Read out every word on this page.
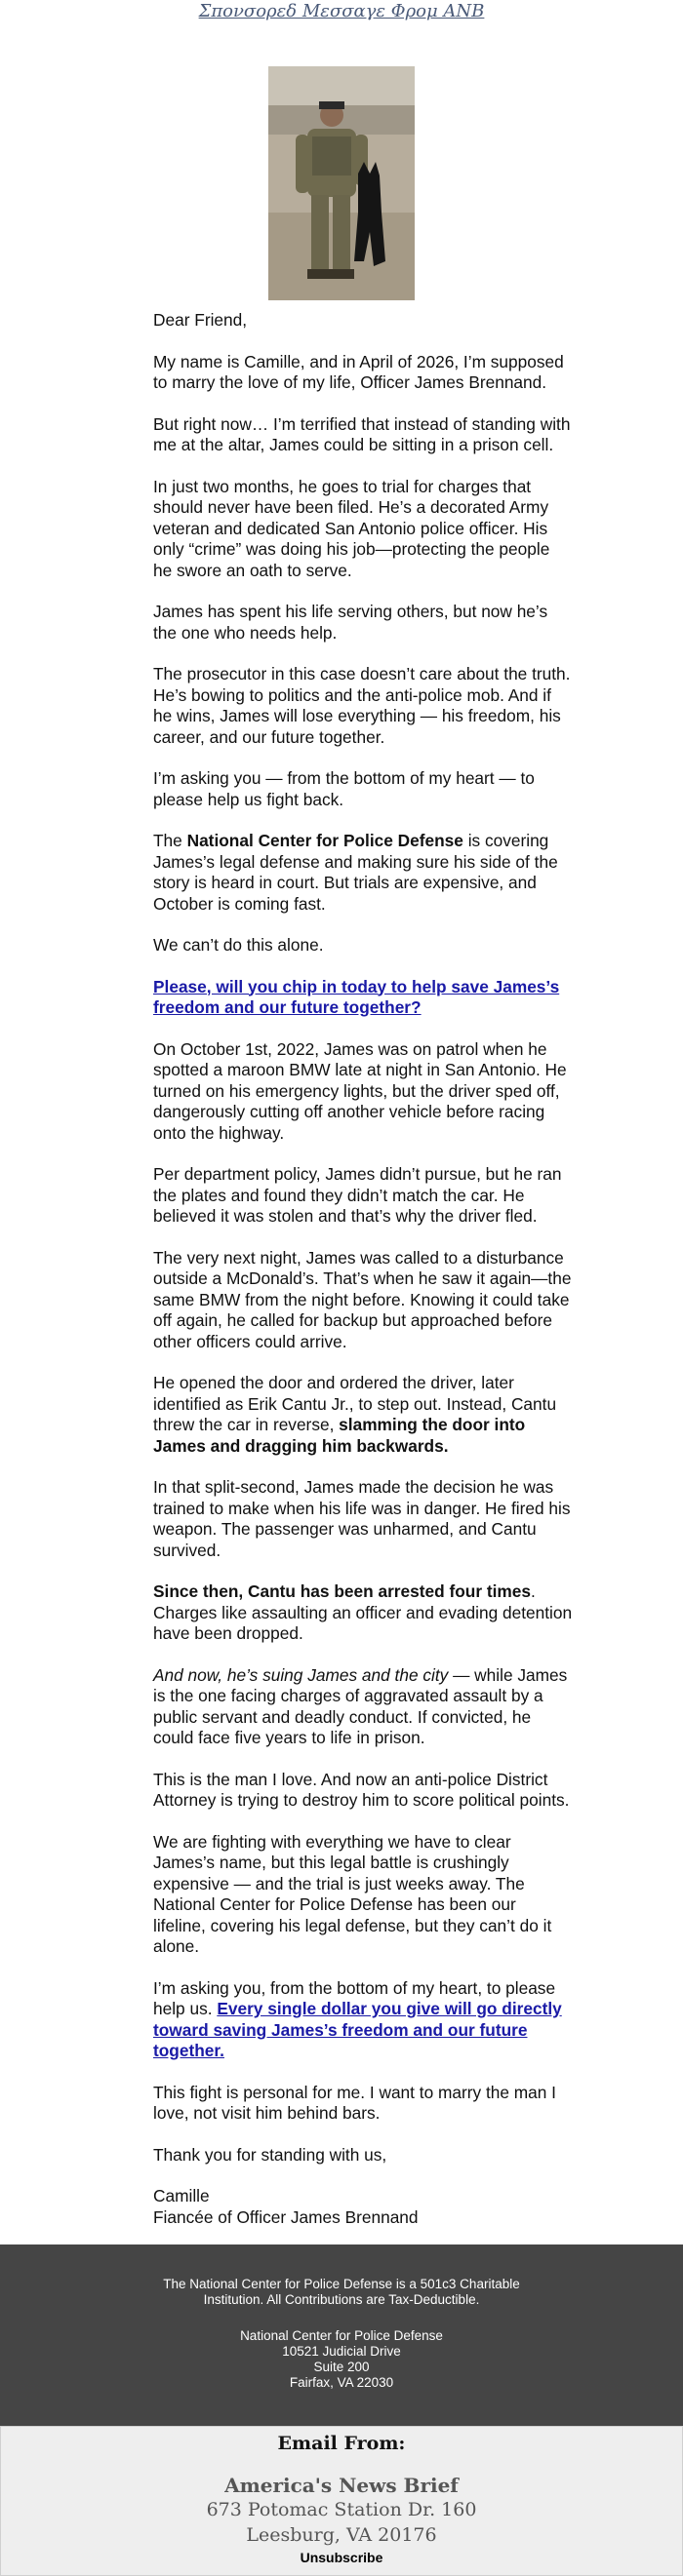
Σπονσορεδ Μεσσαγε Φρομ ΑΝΒ

Dear Friend,

My name is Camille, and in April of 2026, I’m supposed to marry the love of my life, Officer James Brennand.

But right now… I’m terrified that instead of standing with me at the altar, James could be sitting in a prison cell.

In just two months, he goes to trial for charges that should never have been filed. He’s a decorated Army veteran and dedicated San Antonio police officer. His only “crime” was doing his job—protecting the people he swore an oath to serve.

James has spent his life serving others, but now he’s the one who needs help.

The prosecutor in this case doesn’t care about the truth. He’s bowing to politics and the anti-police mob. And if he wins, James will lose everything — his freedom, his career, and our future together.

I’m asking you — from the bottom of my heart — to please help us fight back.

The National Center for Police Defense is covering James’s legal defense and making sure his side of the story is heard in court. But trials are expensive, and October is coming fast.

We can’t do this alone.

Please, will you chip in today to help save James’s freedom and our future together?

On October 1st, 2022, James was on patrol when he spotted a maroon BMW late at night in San Antonio. He turned on his emergency lights, but the driver sped off, dangerously cutting off another vehicle before racing onto the highway.

Per department policy, James didn’t pursue, but he ran the plates and found they didn’t match the car. He believed it was stolen and that’s why the driver fled.

The very next night, James was called to a disturbance outside a McDonald’s. That’s when he saw it again—the same BMW from the night before. Knowing it could take off again, he called for backup but approached before other officers could arrive.

He opened the door and ordered the driver, later identified as Erik Cantu Jr., to step out. Instead, Cantu threw the car in reverse, slamming the door into James and dragging him backwards.

In that split-second, James made the decision he was trained to make when his life was in danger. He fired his weapon. The passenger was unharmed, and Cantu survived.

Since then, Cantu has been arrested four times. Charges like assaulting an officer and evading detention have been dropped.

And now, he’s suing James and the city — while James is the one facing charges of aggravated assault by a public servant and deadly conduct. If convicted, he could face five years to life in prison.

This is the man I love. And now an anti-police District Attorney is trying to destroy him to score political points.

We are fighting with everything we have to clear James’s name, but this legal battle is crushingly expensive — and the trial is just weeks away. The National Center for Police Defense has been our lifeline, covering his legal defense, but they can’t do it alone.

I’m asking you, from the bottom of my heart, to please help us. Every single dollar you give will go directly toward saving James’s freedom and our future together.

This fight is personal for me. I want to marry the man I love, not visit him behind bars.

Thank you for standing with us,

Camille
Fiancée of Officer James Brennand

The National Center for Police Defense is a 501c3 Charitable Institution. All Contributions are Tax-Deductible.
National Center for Police Defense
10521 Judicial Drive
Suite 200
Fairfax, VA 22030
Email From:
America's News Brief
673 Potomac Station Dr. 160
Leesburg, VA 20176
Unsubscribe
